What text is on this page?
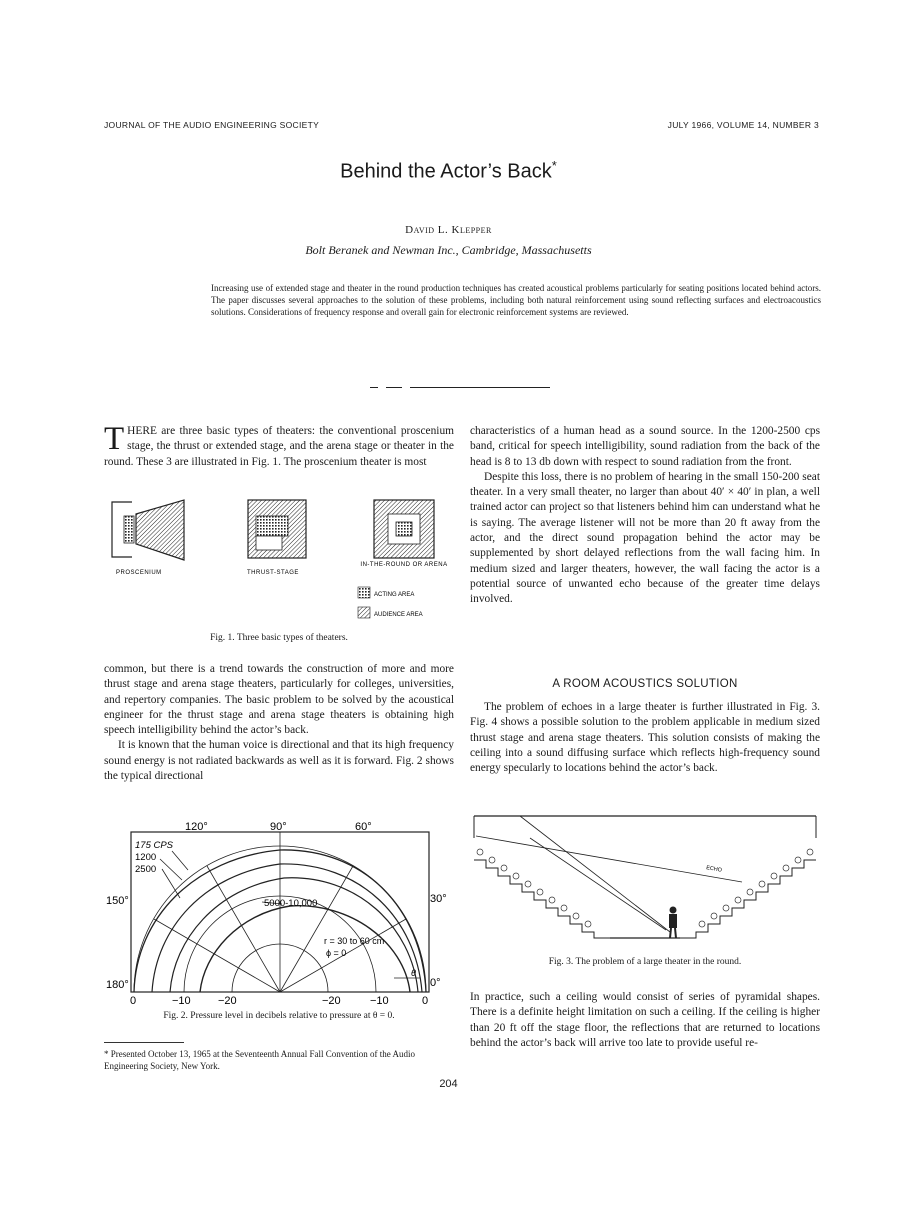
JOURNAL OF THE AUDIO ENGINEERING SOCIETY	JULY 1966, VOLUME 14, NUMBER 3
Behind the Actor’s Back*
David L. Klepper
Bolt Beranek and Newman Inc., Cambridge, Massachusetts
Increasing use of extended stage and theater in the round production techniques has created acoustical problems particularly for seating positions located behind actors. The paper discusses several approaches to the solution of these problems, including both natural reinforcement using sound reflecting surfaces and electroacoustics solutions. Considerations of frequency response and overall gain for electronic reinforcement systems are reviewed.
THERE are three basic types of theaters: the conventional proscenium stage, the thrust or extended stage, and the arena stage or theater in the round. These 3 are illustrated in Fig. 1. The proscenium theater is most
PROSCENIUM	THRUST-STAGE
IN-THE-ROUND OR ARENA
ACTING AREA
AUDIENCE AREA
Fig. 1. Three basic types of theaters.

common, but there is a trend towards the construction of more and more thrust stage and arena stage theaters, particularly for colleges, universities, and repertory companies. The basic problem to be solved by the acoustical engineer for the thrust stage and arena stage theaters is obtaining high speech intelligibility behind the actor’s back.

It is known that the human voice is directional and that its high frequency sound energy is not radiated backwards as well as it is forward. Fig. 2 shows the typical directional

120°	90°	60°
150°	30°
180°	0°
175 CPS
1200
2500
5000-10,000
r = 30 to 60 cm
ϕ = 0
θ
0	−10 −20	−20	−10	0
Fig. 2. Pressure level in decibels relative to pressure at θ = 0.
* Presented October 13, 1965 at the Seventeenth Annual Fall Convention of the Audio Engineering Society, New York.

characteristics of a human head as a sound source. In the 1200-2500 cps band, critical for speech intelligibility, sound radiation from the back of the head is 8 to 13 db down with respect to sound radiation from the front.

Despite this loss, there is no problem of hearing in the small 150-200 seat theater. In a very small theater, no larger than about 40′ × 40′ in plan, a well trained actor can project so that listeners behind him can understand what he is saying. The average listener will not be more than 20 ft away from the actor, and the direct sound propagation behind the actor may be supplemented by short delayed reflections from the wall facing him. In medium sized and larger theaters, however, the wall facing the actor is a potential source of unwanted echo because of the greater time delays involved.

A ROOM ACOUSTICS SOLUTION

The problem of echoes in a large theater is further illustrated in Fig. 3. Fig. 4 shows a possible solution to the problem applicable in medium sized thrust stage and arena stage theaters. This solution consists of making the ceiling into a sound diffusing surface which reflects high-frequency sound energy specularly to locations behind the actor’s back.

ECHO
Fig. 3. The problem of a large theater in the round.

In practice, such a ceiling would consist of series of pyramidal shapes. There is a definite height limitation on such a ceiling. If the ceiling is higher than 20 ft off the stage floor, the reflections that are returned to locations behind the actor’s back will arrive too late to provide useful re-

204
